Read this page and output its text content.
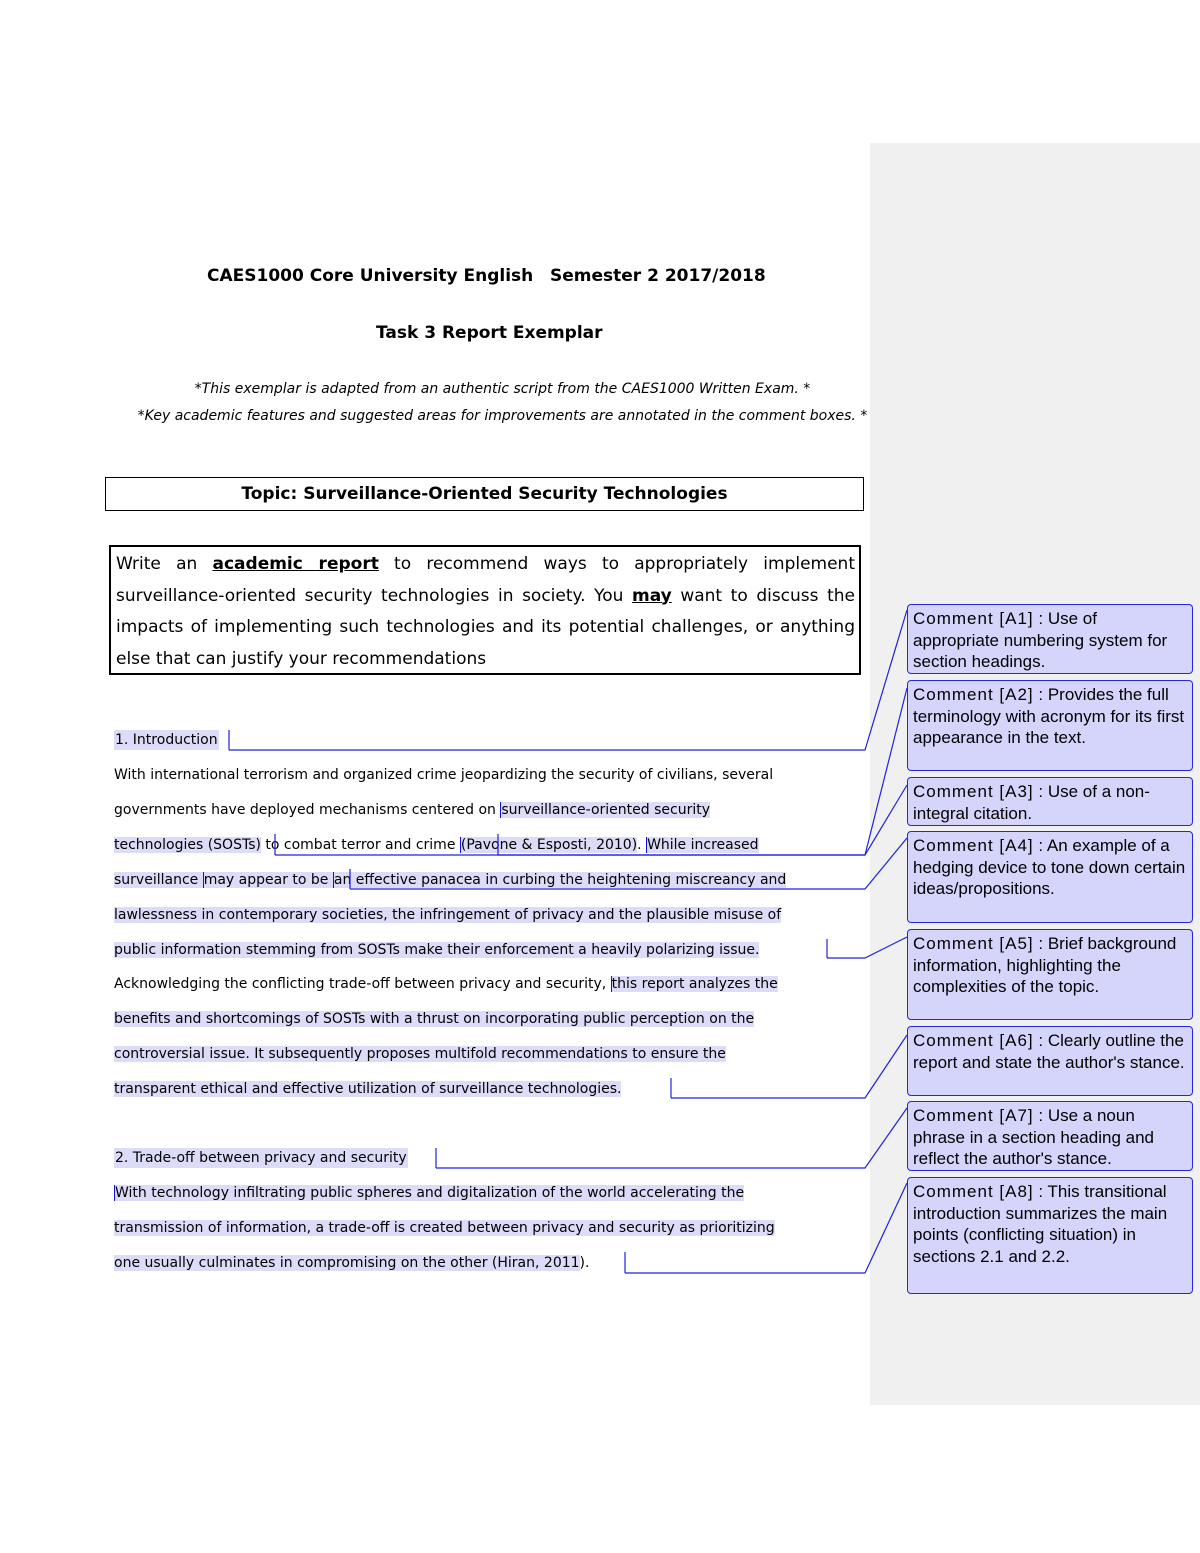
CAES1000 Core University English Semester 2 2017/2018
Task 3 Report Exemplar
*This exemplar is adapted from an authentic script from the CAES1000 Written Exam. *
*Key academic features and suggested areas for improvements are annotated in the comment boxes. *
Topic: Surveillance-Oriented Security Technologies
Write an academic report to recommend ways to appropriately implement surveillance-oriented security technologies in society. You may want to discuss the impacts of implementing such technologies and its potential challenges, or anything else that can justify your recommendations
1. Introduction
With international terrorism and organized crime jeopardizing the security of civilians, several
governments have deployed mechanisms centered on surveillance-oriented security
technologies (SOSTs) to combat terror and crime (Pavone & Esposti, 2010). While increased
surveillance may appear to be an effective panacea in curbing the heightening miscreancy and
lawlessness in contemporary societies, the infringement of privacy and the plausible misuse of
public information stemming from SOSTs make their enforcement a heavily polarizing issue.
Acknowledging the conflicting trade-off between privacy and security, this report analyzes the
benefits and shortcomings of SOSTs with a thrust on incorporating public perception on the
controversial issue. It subsequently proposes multifold recommendations to ensure the
transparent ethical and effective utilization of surveillance technologies.
2. Trade-off between privacy and security
With technology infiltrating public spheres and digitalization of the world accelerating the
transmission of information, a trade-off is created between privacy and security as prioritizing
one usually culminates in compromising on the other (Hiran, 2011).
Comment [A1] : Use of appropriate numbering system for section headings.
Comment [A2] : Provides the full terminology with acronym for its first appearance in the text.
Comment [A3] : Use of a non-integral citation.
Comment [A4] : An example of a hedging device to tone down certain ideas/propositions.
Comment [A5] : Brief background information, highlighting the complexities of the topic.
Comment [A6] : Clearly outline the report and state the author's stance.
Comment [A7] : Use a noun phrase in a section heading and reflect the author's stance.
Comment [A8] : This transitional introduction summarizes the main points (conflicting situation) in sections 2.1 and 2.2.
